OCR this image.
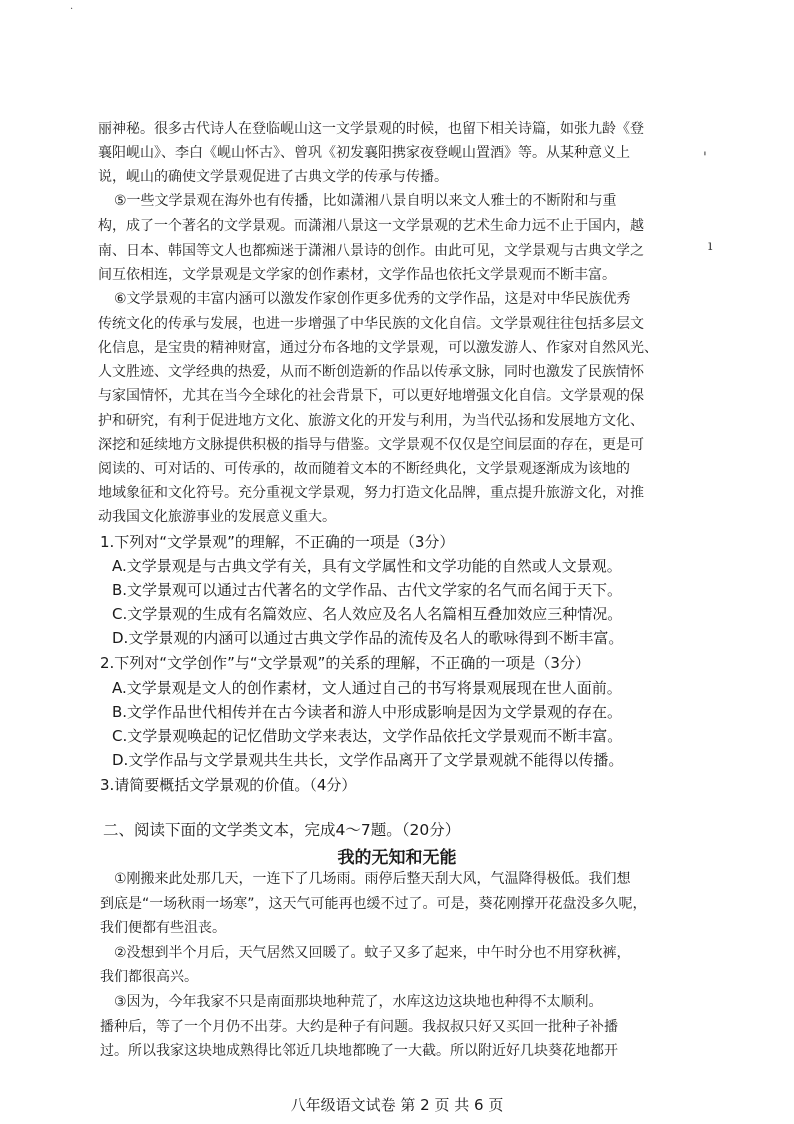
·
丽神秘。很多古代诗人在登临岘山这一文学景观的时候，也留下相关诗篇，如张九龄《登
襄阳岘山》、李白《岘山怀古》、曾巩《初发襄阳携家夜登岘山置酒》等。从某种意义上
说，岘山的确使文学景观促进了古典文学的传承与传播。
⑤一些文学景观在海外也有传播，比如潇湘八景自明以来文人雅士的不断附和与重
构，成了一个著名的文学景观。而潇湘八景这一文学景观的艺术生命力远不止于国内，越
南、日本、韩国等文人也都痴迷于潇湘八景诗的创作。由此可见，文学景观与古典文学之
间互依相连，文学景观是文学家的创作素材，文学作品也依托文学景观而不断丰富。
⑥文学景观的丰富内涵可以激发作家创作更多优秀的文学作品，这是对中华民族优秀
传统文化的传承与发展，也进一步增强了中华民族的文化自信。文学景观往往包括多层文
化信息，是宝贵的精神财富，通过分布各地的文学景观，可以激发游人、作家对自然风光、
人文胜迹、文学经典的热爱，从而不断创造新的作品以传承文脉，同时也激发了民族情怀
与家国情怀，尤其在当今全球化的社会背景下，可以更好地增强文化自信。文学景观的保
护和研究，有利于促进地方文化、旅游文化的开发与利用，为当代弘扬和发展地方文化、
深挖和延续地方文脉提供积极的指导与借鉴。文学景观不仅仅是空间层面的存在，更是可
阅读的、可对话的、可传承的，故而随着文本的不断经典化，文学景观逐渐成为该地的
地域象征和文化符号。充分重视文学景观，努力打造文化品牌，重点提升旅游文化，对推
动我国文化旅游事业的发展意义重大。
'
ı
1.下列对“文学景观”的理解，不正确的一项是（3分）
A.文学景观是与古典文学有关，具有文学属性和文学功能的自然或人文景观。
B.文学景观可以通过古代著名的文学作品、古代文学家的名气而名闻于天下。
C.文学景观的生成有名篇效应、名人效应及名人名篇相互叠加效应三种情况。
D.文学景观的内涵可以通过古典文学作品的流传及名人的歌咏得到不断丰富。
2.下列对“文学创作”与“文学景观”的关系的理解，不正确的一项是（3分）
A.文学景观是文人的创作素材，文人通过自己的书写将景观展现在世人面前。
B.文学作品世代相传并在古今读者和游人中形成影响是因为文学景观的存在。
C.文学景观唤起的记忆借助文学来表达，文学作品依托文学景观而不断丰富。
D.文学作品与文学景观共生共长，文学作品离开了文学景观就不能得以传播。
3.请简要概括文学景观的价值。（4分）
二、阅读下面的文学类文本，完成4～7题。（20分）
我的无知和无能
①刚搬来此处那几天，一连下了几场雨。雨停后整天刮大风，气温降得极低。我们想
到底是“一场秋雨一场寒”，这天气可能再也缓不过了。可是，葵花刚撑开花盘没多久呢，
我们便都有些沮丧。
②没想到半个月后，天气居然又回暖了。蚊子又多了起来，中午时分也不用穿秋裤，
我们都很高兴。
③因为，今年我家不只是南面那块地种荒了，水库这边这块地也种得不太顺利。
播种后，等了一个月仍不出芽。大约是种子有问题。我叔叔只好又买回一批种子补播
过。所以我家这块地成熟得比邻近几块地都晚了一大截。所以附近好几块葵花地都开
八年级语文试卷 第 2 页 共 6 页
